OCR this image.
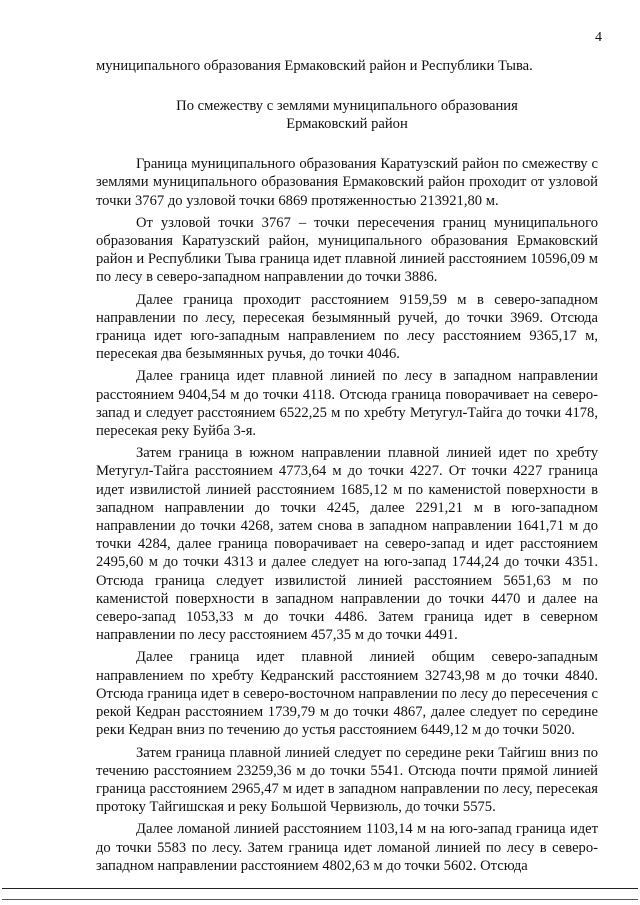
4

муниципального образования Ермаковский район и Республики Тыва.

По смежеству с землями муниципального образования
Ермаковский район

Граница муниципального образования Каратузский район по смежеству с землями муниципального образования Ермаковский район проходит от узловой точки 3767 до узловой точки 6869 протяженностью 213921,80 м.

От узловой точки 3767 – точки пересечения границ муниципального образования Каратузский район, муниципального образования Ермаковский район и Республики Тыва граница идет плавной линией расстоянием 10596,09 м по лесу в северо-западном направлении до точки 3886.

Далее граница проходит расстоянием 9159,59 м в северо-западном направлении по лесу, пересекая безымянный ручей, до точки 3969. Отсюда граница идет юго-западным направлением по лесу расстоянием 9365,17 м, пересекая два безымянных ручья, до точки 4046.

Далее граница идет плавной линией по лесу в западном направлении расстоянием 9404,54 м до точки 4118. Отсюда граница поворачивает на северо-запад и следует расстоянием 6522,25 м по хребту Метугул-Тайга до точки 4178, пересекая реку Буйба 3-я.

Затем граница в южном направлении плавной линией идет по хребту Метугул-Тайга расстоянием 4773,64 м до точки 4227. От точки 4227 граница идет извилистой линией расстоянием 1685,12 м по каменистой поверхности в западном направлении до точки 4245, далее 2291,21 м в юго-западном направлении до точки 4268, затем снова в западном направлении 1641,71 м до точки 4284, далее граница поворачивает на северо-запад и идет расстоянием 2495,60 м до точки 4313 и далее следует на юго-запад 1744,24 до точки 4351. Отсюда граница следует извилистой линией расстоянием 5651,63 м по каменистой поверхности в западном направлении до точки 4470 и далее на северо-запад 1053,33 м до точки 4486. Затем граница идет в северном направлении по лесу расстоянием 457,35 м до точки 4491.

Далее граница идет плавной линией общим северо-западным направлением по хребту Кедранский расстоянием 32743,98 м до точки 4840. Отсюда граница идет в северо-восточном направлении по лесу до пересечения с рекой Кедран расстоянием 1739,79 м до точки 4867, далее следует по середине реки Кедран вниз по течению до устья расстоянием 6449,12 м до точки 5020.

Затем граница плавной линией следует по середине реки Тайгиш вниз по течению расстоянием 23259,36 м до точки 5541. Отсюда почти прямой линией граница расстоянием 2965,47 м идет в западном направлении по лесу, пересекая протоку Тайгишская и реку Большой Червизюль, до точки 5575.

Далее ломаной линией расстоянием 1103,14 м на юго-запад граница идет до точки 5583 по лесу. Затем граница идет ломаной линией по лесу в северо-западном направлении расстоянием 4802,63 м до точки 5602. Отсюда
